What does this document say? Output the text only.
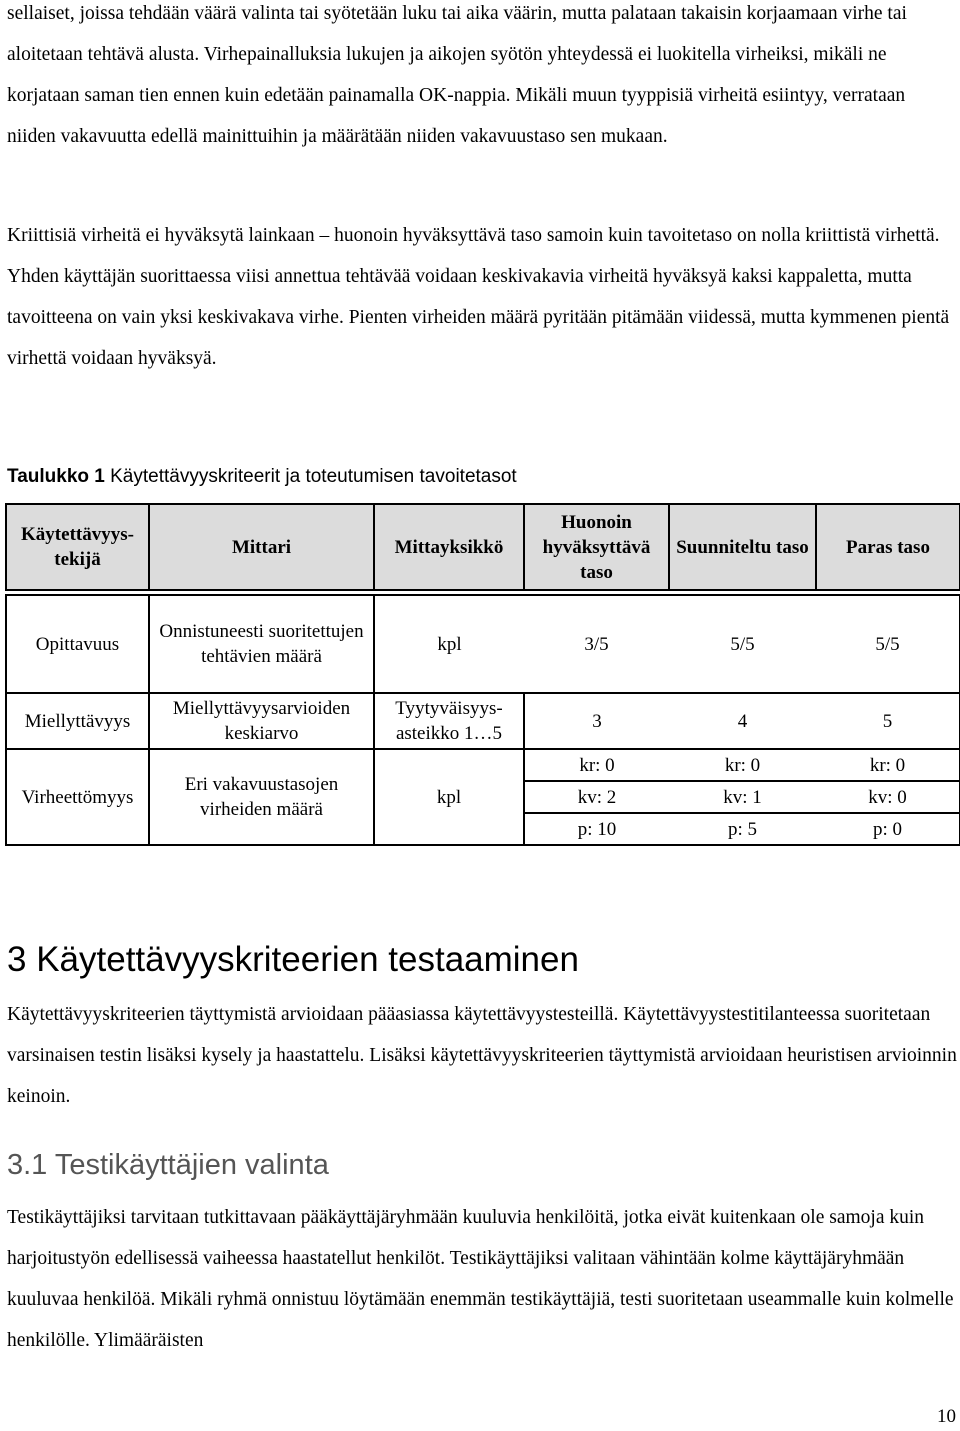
sellaiset, joissa tehdään väärä valinta tai syötetään luku tai aika väärin, mutta palataan takaisin korjaamaan virhe tai aloitetaan tehtävä alusta. Virhepainalluksia lukujen ja aikojen syötön yhteydessä ei luokitella virheiksi, mikäli ne korjataan saman tien ennen kuin edetään painamalla OK-nappia. Mikäli muun tyyppisiä virheitä esiintyy, verrataan niiden vakavuutta edellä mainittuihin ja määrätään niiden vakavuustaso sen mukaan.

Kriittisiä virheitä ei hyväksytä lainkaan – huonoin hyväksyttävä taso samoin kuin tavoitetaso on nolla kriittistä virhettä. Yhden käyttäjän suorittaessa viisi annettua tehtävää voidaan keskivakavia virheitä hyväksyä kaksi kappaletta, mutta tavoitteena on vain yksi keskivakava virhe. Pienten virheiden määrä pyritään pitämään viidessä, mutta kymmenen pientä virhettä voidaan hyväksyä.

Taulukko 1 Käytettävyyskriteerit ja toteutumisen tavoitetasot
Käytettävyys-tekijä	Mittari	Mittayksikkö	Huonoin hyväksyttävä taso	Suunniteltu taso	Paras taso

Opittavuus	Onnistuneesti suoritettujen tehtävien määrä	kpl	3/5	5/5	5/5
Miellyttävyys	Miellyttävyysarvioiden keskiarvo	Tyytyväisyys-asteikko 1…5	3	4	5
Virheettömyys	Eri vakavuustasojen virheiden määrä	kpl	kr: 0	kr: 0	kr: 0
			kv: 2	kv: 1	kv: 0
			p: 10	p: 5	p: 0
3 Käytettävyyskriteerien testaaminen

Käytettävyyskriteerien täyttymistä arvioidaan pääasiassa käytettävyystesteillä. Käytettävyystestitilanteessa suoritetaan varsinaisen testin lisäksi kysely ja haastattelu. Lisäksi käytettävyyskriteerien täyttymistä arvioidaan heuristisen arvioinnin keinoin.

3.1 Testikäyttäjien valinta

Testikäyttäjiksi tarvitaan tutkittavaan pääkäyttäjäryhmään kuuluvia henkilöitä, jotka eivät kuitenkaan ole samoja kuin harjoitustyön edellisessä vaiheessa haastatellut henkilöt. Testikäyttäjiksi valitaan vähintään kolme käyttäjäryhmään kuuluvaa henkilöä. Mikäli ryhmä onnistuu löytämään enemmän testikäyttäjiä, testi suoritetaan useammalle kuin kolmelle henkilölle. Ylimääräisten

10
